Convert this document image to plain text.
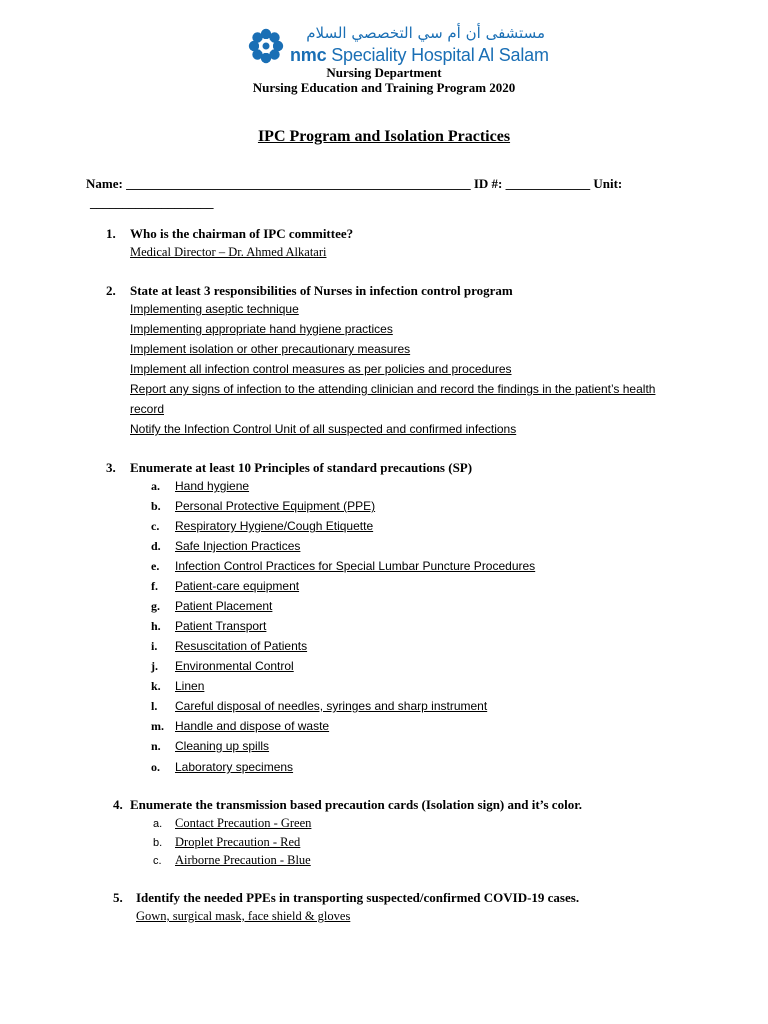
مستشفى أن أم سي التخصصي السلام
nmc Speciality Hospital Al Salam
Nursing Department
Nursing Education and Training Program 2020
IPC Program and Isolation Practices
Name: _____________________________________________________ ID #: _____________ Unit:
___________________
1. Who is the chairman of IPC committee?
Medical Director – Dr. Ahmed Alkatari
2. State at least 3 responsibilities of Nurses in infection control program
Implementing aseptic technique
Implementing appropriate hand hygiene practices
Implement isolation or other precautionary measures
Implement all infection control measures as per policies and procedures
Report any signs of infection to the attending clinician and record the findings in the patient’s health
record
Notify the Infection Control Unit of all suspected and confirmed infections
3. Enumerate at least 10 Principles of standard precautions (SP)
a. Hand hygiene
b. Personal Protective Equipment (PPE)
c. Respiratory Hygiene/Cough Etiquette
d. Safe Injection Practices
e. Infection Control Practices for Special Lumbar Puncture Procedures
f. Patient-care equipment
g. Patient Placement
h. Patient Transport
i. Resuscitation of Patients
j. Environmental Control
k. Linen
l. Careful disposal of needles, syringes and sharp instrument
m. Handle and dispose of waste
n. Cleaning up spills
o. Laboratory specimens
4. Enumerate the transmission based precaution cards (Isolation sign) and it’s color.
a. Contact Precaution - Green
b. Droplet Precaution - Red
c. Airborne Precaution - Blue
5. Identify the needed PPEs in transporting suspected/confirmed COVID-19 cases.
Gown, surgical mask, face shield & gloves
